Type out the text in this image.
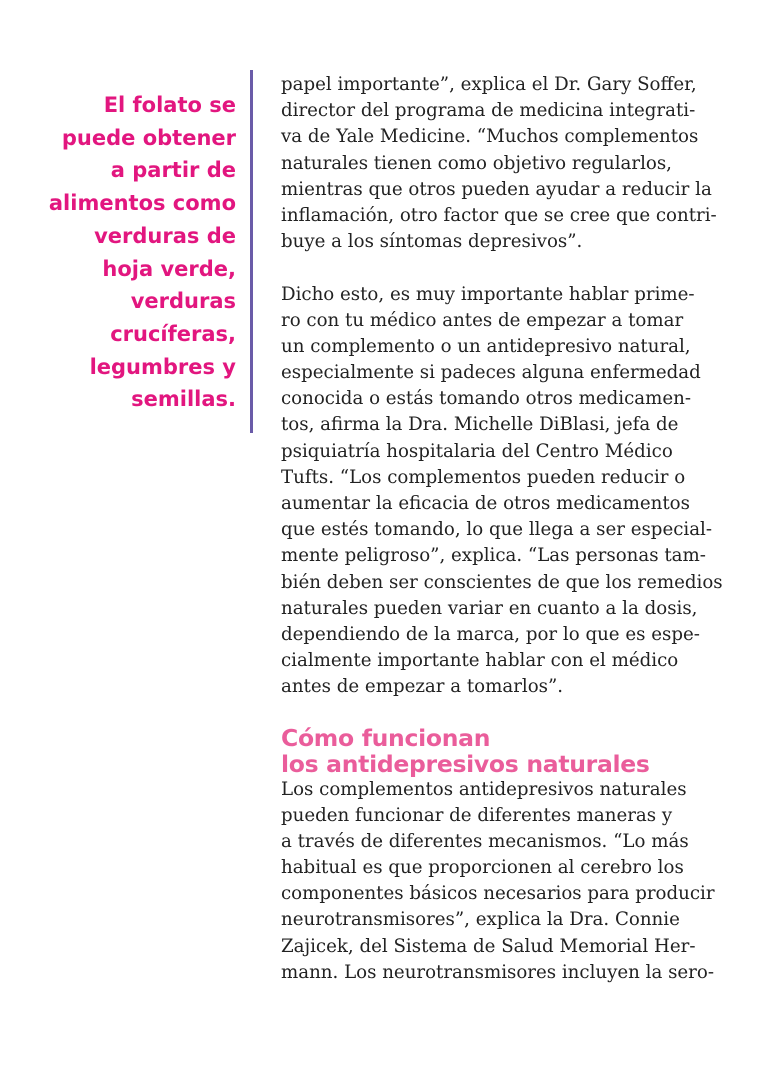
El folato se
puede obtener
a partir de
alimentos como
verduras de
hoja verde,
verduras
crucíferas,
legumbres y
semillas.

papel importante”, explica el Dr. Gary Soffer,
director del programa de medicina integrati-
va de Yale Medicine. “Muchos complementos
naturales tienen como objetivo regularlos,
mientras que otros pueden ayudar a reducir la
inflamación, otro factor que se cree que contri-
buye a los síntomas depresivos”.

Dicho esto, es muy importante hablar prime-
ro con tu médico antes de empezar a tomar
un complemento o un antidepresivo natural,
especialmente si padeces alguna enfermedad
conocida o estás tomando otros medicamen-
tos, afirma la Dra. Michelle DiBlasi, jefa de
psiquiatría hospitalaria del Centro Médico
Tufts. “Los complementos pueden reducir o
aumentar la eficacia de otros medicamentos
que estés tomando, lo que llega a ser especial-
mente peligroso”, explica. “Las personas tam-
bién deben ser conscientes de que los remedios
naturales pueden variar en cuanto a la dosis,
dependiendo de la marca, por lo que es espe-
cialmente importante hablar con el médico
antes de empezar a tomarlos”.

Cómo funcionan
los antidepresivos naturales

Los complementos antidepresivos naturales
pueden funcionar de diferentes maneras y
a través de diferentes mecanismos. “Lo más
habitual es que proporcionen al cerebro los
componentes básicos necesarios para producir
neurotransmisores”, explica la Dra. Connie
Zajicek, del Sistema de Salud Memorial Her-
mann. Los neurotransmisores incluyen la sero-
